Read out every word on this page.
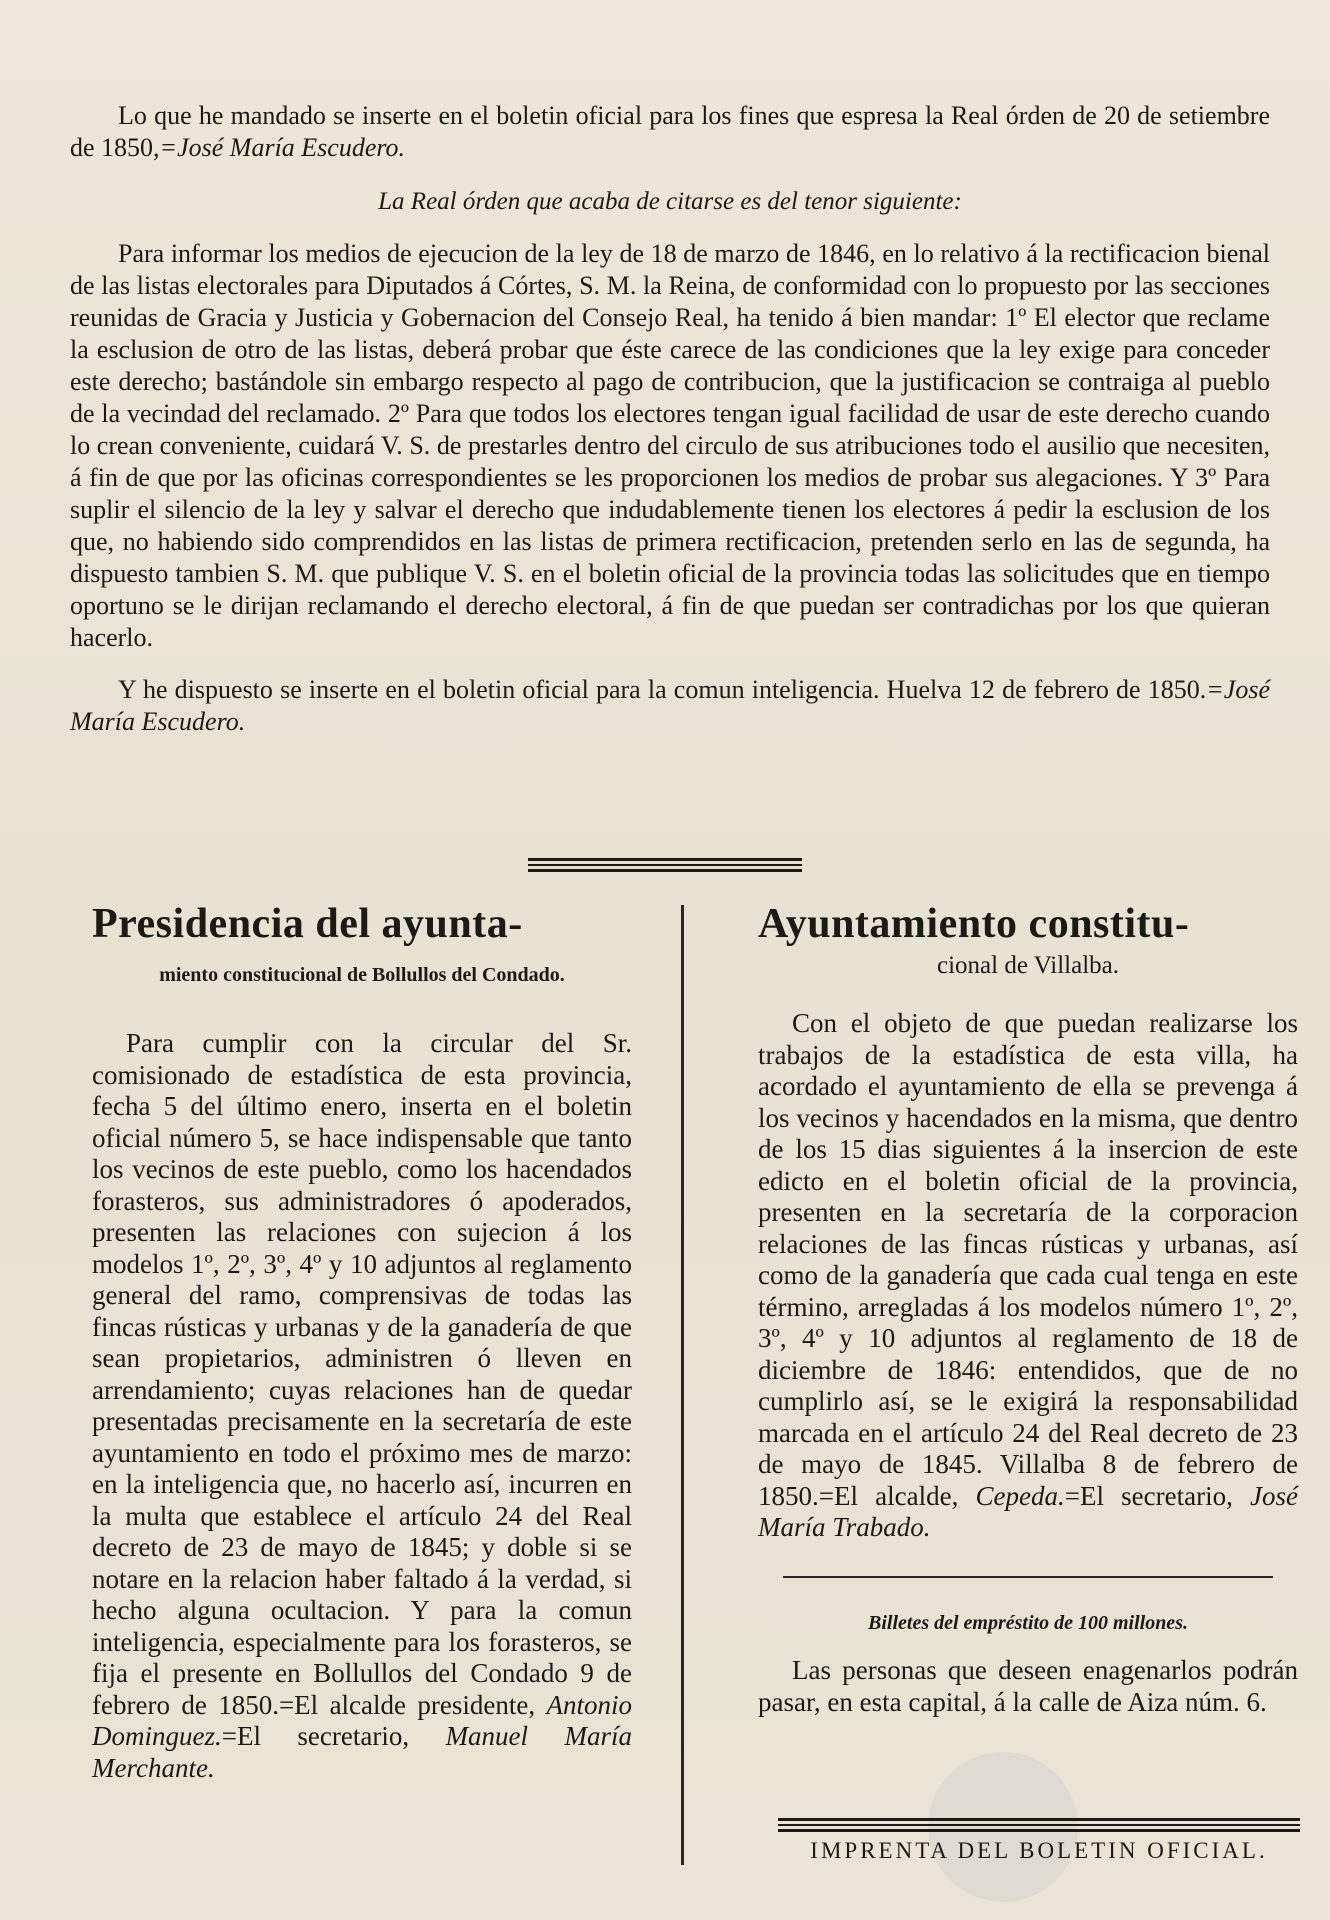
Lo que he mandado se inserte en el boletin oficial para los fines que espresa la Real órden de 20 de setiembre de 1850,=José María Escudero.

La Real órden que acaba de citarse es del tenor siguiente:

Para informar los medios de ejecucion de la ley de 18 de marzo de 1846, en lo relativo á la rectificacion bienal de las listas electorales para Diputados á Córtes, S. M. la Reina, de conformidad con lo propuesto por las secciones reunidas de Gracia y Justicia y Gobernacion del Consejo Real, ha tenido á bien mandar: 1º El elector que reclame la esclusion de otro de las listas, deberá probar que éste carece de las condiciones que la ley exige para conceder este derecho; bastándole sin embargo respecto al pago de contribucion, que la justificacion se contraiga al pueblo de la vecindad del reclamado. 2º Para que todos los electores tengan igual facilidad de usar de este derecho cuando lo crean conveniente, cuidará V. S. de prestarles dentro del circulo de sus atribuciones todo el ausilio que necesiten, á fin de que por las oficinas correspondientes se les proporcionen los medios de probar sus alegaciones. Y 3º Para suplir el silencio de la ley y salvar el derecho que indudablemente tienen los electores á pedir la esclusion de los que, no habiendo sido comprendidos en las listas de primera rectificacion, pretenden serlo en las de segunda, ha dispuesto tambien S. M. que publique V. S. en el boletin oficial de la provincia todas las solicitudes que en tiempo oportuno se le dirijan reclamando el derecho electoral, á fin de que puedan ser contradichas por los que quieran hacerlo.

Y he dispuesto se inserte en el boletin oficial para la comun inteligencia. Huelva 12 de febrero de 1850.=José María Escudero.

Presidencia del ayunta-
miento constitucional de Bollullos del Condado.

Para cumplir con la circular del Sr. comisionado de estadística de esta provincia, fecha 5 del último enero, inserta en el boletin oficial número 5, se hace indispensable que tanto los vecinos de este pueblo, como los hacendados forasteros, sus administradores ó apoderados, presenten las relaciones con sujecion á los modelos 1º, 2º, 3º, 4º y 10 adjuntos al reglamento general del ramo, comprensivas de todas las fincas rústicas y urbanas y de la ganadería de que sean propietarios, administren ó lleven en arrendamiento; cuyas relaciones han de quedar presentadas precisamente en la secretaría de este ayuntamiento en todo el próximo mes de marzo: en la inteligencia que, no hacerlo así, incurren en la multa que establece el artículo 24 del Real decreto de 23 de mayo de 1845; y doble si se notare en la relacion haber faltado á la verdad, si hecho alguna ocultacion. Y para la comun inteligencia, especialmente para los forasteros, se fija el presente en Bollullos del Condado 9 de febrero de 1850.=El alcalde presidente, Antonio Dominguez.=El secretario, Manuel María Merchante.

Ayuntamiento constitu-
cional de Villalba.

Con el objeto de que puedan realizarse los trabajos de la estadística de esta villa, ha acordado el ayuntamiento de ella se prevenga á los vecinos y hacendados en la misma, que dentro de los 15 dias siguientes á la insercion de este edicto en el boletin oficial de la provincia, presenten en la secretaría de la corporacion relaciones de las fincas rústicas y urbanas, así como de la ganadería que cada cual tenga en este término, arregladas á los modelos número 1º, 2º, 3º, 4º y 10 adjuntos al reglamento de 18 de diciembre de 1846: entendidos, que de no cumplirlo así, se le exigirá la responsabilidad marcada en el artículo 24 del Real decreto de 23 de mayo de 1845. Villalba 8 de febrero de 1850.=El alcalde, Cepeda.=El secretario, José María Trabado.

Billetes del empréstito de 100 millones.

Las personas que deseen enagenarlos podrán pasar, en esta capital, á la calle de Aiza núm. 6.

IMPRENTA DEL BOLETIN OFICIAL.
